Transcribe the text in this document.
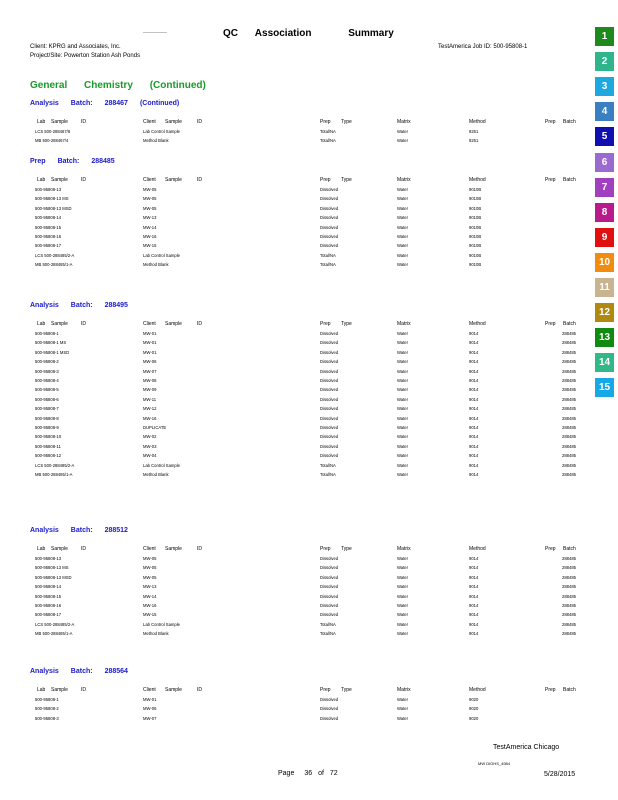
——————	QC Association	Summary
Client: KPRG and Associates, Inc.
Project/Site: Powerton Station Ash Ponds
TestAmerica Job ID: 500-95808-1
General Chemistry (Continued)
Analysis Batch: 288467 (Continued)
Lab Sample	ID	Client Sample	ID	Prep Type	Matrix	Method	Prep Batch
LCS 500-288467/6	Lab Control Sample	Total/NA	Water	9251
MB 500-288467/4	Method Blank	Total/NA	Water	9251
Prep Batch: 288485
Lab Sample	ID	Client Sample	ID	Prep Type	Matrix	Method	Prep Batch
500-95808-13	MW-05	Dissolved	Water	9010B
500-95808-13 MS	MW-05	Dissolved	Water	9010B
500-95808-13 MSD	MW-05	Dissolved	Water	9010B
500-95808-14	MW-13	Dissolved	Water	9010B
500-95808-15	MW-14	Dissolved	Water	9010B
500-95808-16	MW-16	Dissolved	Water	9010B
500-95808-17	MW-15	Dissolved	Water	9010B
LCS 500-288485/2-A	Lab Control Sample	Total/NA	Water	9010B
MB 500-288485/1-A	Method Blank	Total/NA	Water	9010B
Analysis Batch: 288495
Lab Sample	ID	Client Sample	ID	Prep Type	Matrix	Method	Prep Batch
500-95808-1	MW-01	Dissolved	Water	9014	288485
500-95808-1 MS	MW-01	Dissolved	Water	9014	288485
500-95808-1 MSD	MW-01	Dissolved	Water	9014	288485
500-95808-2	MW-06	Dissolved	Water	9014	288485
500-95808-3	MW-07	Dissolved	Water	9014	288485
500-95808-4	MW-08	Dissolved	Water	9014	288485
500-95808-5	MW-09	Dissolved	Water	9014	288485
500-95808-6	MW-11	Dissolved	Water	9014	288485
500-95808-7	MW-12	Dissolved	Water	9014	288485
500-95808-8	MW-16	Dissolved	Water	9014	288485
500-95808-9	DUPLICATE	Dissolved	Water	9014	288485
500-95808-10	MW-02	Dissolved	Water	9014	288485
500-95808-11	MW-03	Dissolved	Water	9014	288485
500-95808-12	MW-04	Dissolved	Water	9014	288485
LCS 500-288485/2-A	Lab Control Sample	Total/NA	Water	9014	288485
MB 500-288485/1-A	Method Blank	Total/NA	Water	9014	288485
Analysis Batch: 288512
Lab Sample	ID	Client Sample	ID	Prep Type	Matrix	Method	Prep Batch
500-95808-13	MW-05	Dissolved	Water	9014	288485
500-95808-13 MS	MW-05	Dissolved	Water	9014	288485
500-95808-13 MSD	MW-05	Dissolved	Water	9014	288485
500-95808-14	MW-13	Dissolved	Water	9014	288485
500-95808-15	MW-14	Dissolved	Water	9014	288485
500-95808-16	MW-16	Dissolved	Water	9014	288485
500-95808-17	MW-15	Dissolved	Water	9014	288485
LCS 500-288485/2-A	Lab Control Sample	Total/NA	Water	9014	288485
MB 500-288485/1-A	Method Blank	Total/NA	Water	9014	288485
Analysis Batch: 288564
Lab Sample	ID	Client Sample	ID	Prep Type	Matrix	Method	Prep Batch
500-95808-1	MW-01	Dissolved	Water	9020
500-95808-2	MW-06	Dissolved	Water	9020
500-95808-3	MW-07	Dissolved	Water	9020
1
2
3
4
5
6
7
8
9
10
11
12
13
14
15
TestAmerica Chicago
Page 36 of 72
MW DIGHS_4984
5/28/2015
